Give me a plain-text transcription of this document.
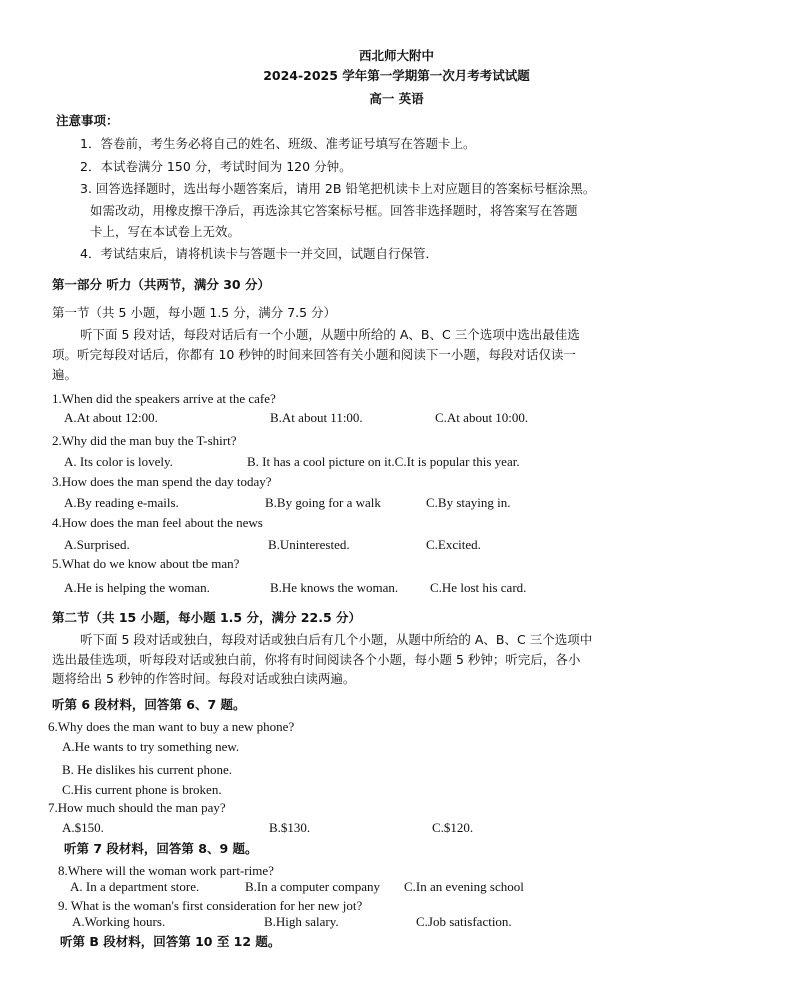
西北师大附中
2024-2025 学年第一学期第一次月考考试试题
高一 英语
注意事项：
1．答卷前，考生务必将自己的姓名、班级、准考证号填写在答题卡上。
2．本试卷满分 150 分，考试时间为 120 分钟。
3. 回答选择题时，选出每小题答案后，请用 2B 铅笔把机读卡上对应题目的答案标号框涂黑。
如需改动，用橡皮擦干净后，再选涂其它答案标号框。回答非选择题时，将答案写在答题
卡上，写在本试卷上无效。
4．考试结束后，请将机读卡与答题卡一并交回，试题自行保管．
第一部分 听力（共两节，满分 30 分）
第一节（共 5 小题，每小题 1.5 分，满分 7.5 分）
听下面 5 段对话，每段对话后有一个小题，从题中所给的 A、B、C 三个选项中选出最佳选
项。听完每段对话后，你都有 10 秒钟的时间来回答有关小题和阅读下一小题，每段对话仅读一
遍。
1.When did the speakers arrive at the cafe?
A.At about 12:00.	B.At about 11:00.	C.At about 10:00.
2.Why did the man buy the T-shirt?
A. Its color is lovely.	B. It has a cool picture on it.C.It is popular this year.
3.How does the man spend the day today?
A.By reading e-mails.	B.By going for a walk	C.By staying in.
4.How does the man feel about the news
A.Surprised.	B.Uninterested.	C.Excited.
5.What do we know about tbe man?
A.He is helping the woman.	B.He knows the woman. C.He lost his card.
第二节（共 15 小题，每小题 1.5 分，满分 22.5 分）
听下面 5 段对话或独白，每段对话或独白后有几个小题，从题中所给的 A、B、C 三个选项中
选出最佳选项，听每段对话或独白前，你将有时间阅读各个小题，每小题 5 秒钟；听完后，各小
题将给出 5 秒钟的作答时间。每段对话或独白读两遍。
听第 6 段材料，回答第 6、7 题。
6.Why does the man want to buy a new phone?
A.He wants to try something new.
B. He dislikes his current phone.
C.His current phone is broken.
7.How much should the man pay?
A.$150.	B.$130.	C.$120.
听第 7 段材料，回答第 8、9 题。
8.Where will the woman work part-rime?
A. In a department store.	B.In a computer company C.In an evening school
9. What is the woman's first consideration for her new jot?
A.Working hours.	B.High salary.	C.Job satisfaction.
听第 B 段材料，回答第 10 至 12 题。
